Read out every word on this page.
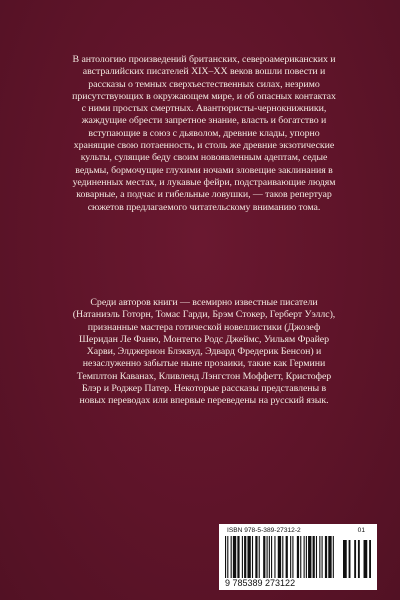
В антологию произведений британских, североамериканских и австралийских писателей XIX–XX веков вошли повести и рассказы о темных сверхъестественных силах, незримо присутствующих в окружающем мире, и об опасных контактах с ними простых смертных. Авантюристы-чернокнижники, жаждущие обрести запретное знание, власть и богатство и вступающие в союз с дьяволом, древние клады, упорно хранящие свою потаенность, и столь же древние экзотические культы, сулящие беду своим новоявленным адептам, седые ведьмы, бормочущие глухими ночами зловещие заклинания в уединенных местах, и лукавые фейри, подстраивающие людям коварные, а подчас и гибельные ловушки, — таков репертуар сюжетов предлагаемого читательскому вниманию тома.

Среди авторов книги — всемирно известные писатели (Натаниэль Готорн, Томас Гарди, Брэм Стокер, Герберт Уэллс), признанные мастера готической новеллистики (Джозеф Шеридан Ле Фаню, Монтегю Родс Джеймс, Уильям Фрайер Харви, Элджернон Блэквуд, Эдвард Фредерик Бенсон) и незаслуженно забытые ныне прозаики, такие как Гермини Темплтон Каванах, Кливленд Лэнгстон Моффетт, Кристофер Блэр и Роджер Патер. Некоторые рассказы представлены в новых переводах или впервые переведены на русский язык.

ISBN 978-5-389-27312-2	01
9 785389 273122
